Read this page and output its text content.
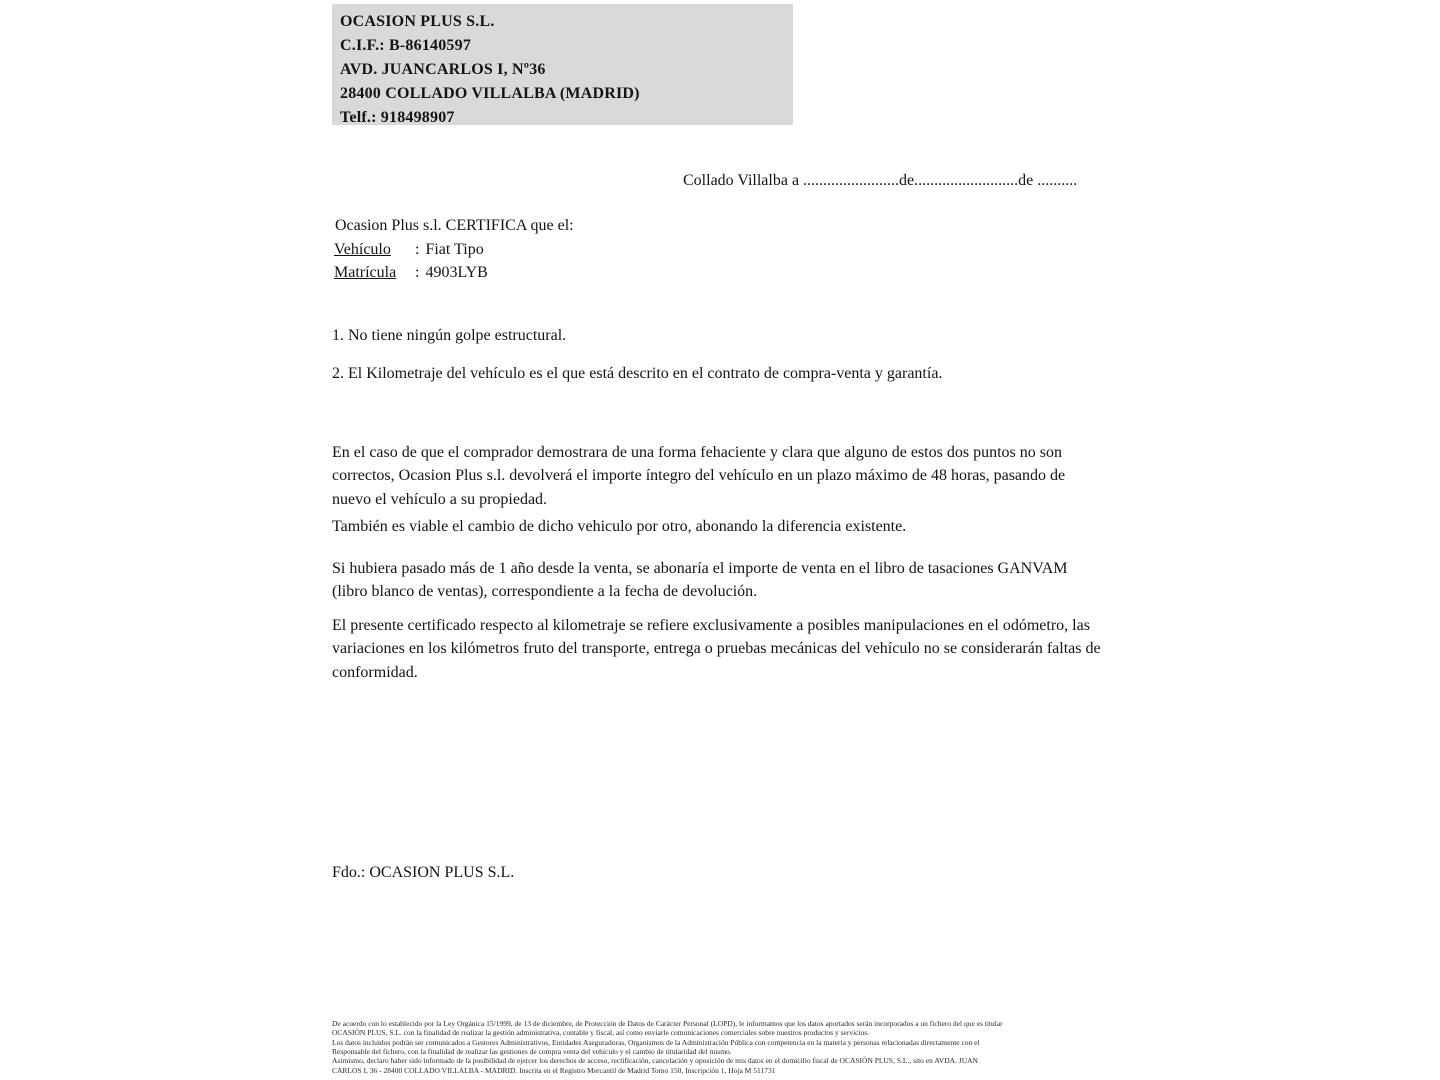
OCASION PLUS S.L.
C.I.F.: B-86140597
AVD. JUANCARLOS I, Nº36
28400 COLLADO VILLALBA (MADRID)
Telf.: 918498907
Collado Villalba a ........................de..........................de ..........
Ocasion Plus s.l. CERTIFICA que el:
Vehículo : Fiat Tipo
Matrícula : 4903LYB
1. No tiene ningún golpe estructural.
2. El Kilometraje del vehículo es el que está descrito en el contrato de compra-venta y garantía.
En el caso de que el comprador demostrara de una forma fehaciente y clara que alguno de estos dos puntos no son correctos, Ocasion Plus s.l. devolverá el importe íntegro del vehículo en un plazo máximo de 48 horas, pasando de nuevo el vehículo a su propiedad.
También es viable el cambio de dicho vehiculo por otro, abonando la diferencia existente.
Si hubiera pasado más de 1 año desde la venta, se abonaría el importe de venta en el libro de tasaciones GANVAM (libro blanco de ventas), correspondiente a la fecha de devolución.
El presente certificado respecto al kilometraje se refiere exclusivamente a posibles manipulaciones en el odómetro, las variaciones en los kilómetros fruto del transporte, entrega o pruebas mecánicas del vehículo no se considerarán faltas de conformidad.
Fdo.: OCASION PLUS S.L.
De acuerdo con lo establecido por la Ley Orgánica 15/1999, de 13 de diciembre, de Protección de Datos de Carácter Personal (LOPD), le informamos que los datos aportados serán incorporados a un fichero del que es titular
OCASIÓN PLUS, S.L. con la finalidad de realizar la gestión administrativa, contable y fiscal, así como enviarle comunicaciones comerciales sobre nuestros productos y servicios.
Los datos incluidos podrán ser comunicados a Gestores Administrativos, Entidades Aseguradoras, Organismos de la Administración Pública con competencia en la materia y personas relacionadas directamente con el
Responsable del fichero, con la finalidad de realizar las gestiones de compra venta del vehículo y el cambio de titularidad del mismo.
Asimismo, declaro haber sido informado de la posibilidad de ejercer los derechos de acceso, rectificación, cancelación y oposición de mis datos en el domicilio fiscal de OCASIÓN PLUS, S.L., sito en AVDA. JUAN
CARLOS I, 36 - 28400 COLLADO VILLALBA - MADRID. Inscrita en el Registro Mercantil de Madrid Tomo 150, Inscripción 1, Hoja M 511731
